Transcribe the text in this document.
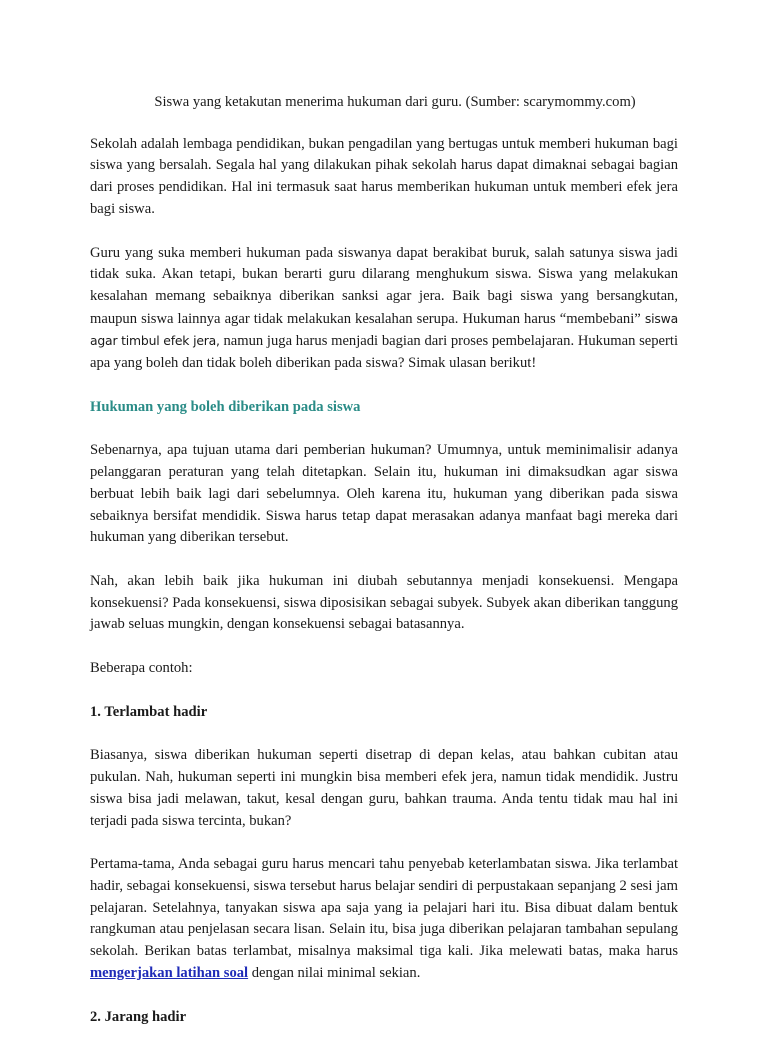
Siswa yang ketakutan menerima hukuman dari guru. (Sumber: scarymommy.com)

Sekolah adalah lembaga pendidikan, bukan pengadilan yang bertugas untuk memberi hukuman bagi siswa yang bersalah. Segala hal yang dilakukan pihak sekolah harus dapat dimaknai sebagai bagian dari proses pendidikan. Hal ini termasuk saat harus memberikan hukuman untuk memberi efek jera bagi siswa.

Guru yang suka memberi hukuman pada siswanya dapat berakibat buruk, salah satunya siswa jadi tidak suka. Akan tetapi, bukan berarti guru dilarang menghukum siswa. Siswa yang melakukan kesalahan memang sebaiknya diberikan sanksi agar jera. Baik bagi siswa yang bersangkutan, maupun siswa lainnya agar tidak melakukan kesalahan serupa. Hukuman harus “membebani” siswa agar timbul efek jera, namun juga harus menjadi bagian dari proses pembelajaran. Hukuman seperti apa yang boleh dan tidak boleh diberikan pada siswa? Simak ulasan berikut!

Hukuman yang boleh diberikan pada siswa

Sebenarnya, apa tujuan utama dari pemberian hukuman? Umumnya, untuk meminimalisir adanya pelanggaran peraturan yang telah ditetapkan. Selain itu, hukuman ini dimaksudkan agar siswa berbuat lebih baik lagi dari sebelumnya. Oleh karena itu, hukuman yang diberikan pada siswa sebaiknya bersifat mendidik. Siswa harus tetap dapat merasakan adanya manfaat bagi mereka dari hukuman yang diberikan tersebut.

Nah, akan lebih baik jika hukuman ini diubah sebutannya menjadi konsekuensi. Mengapa konsekuensi? Pada konsekuensi, siswa diposisikan sebagai subyek. Subyek akan diberikan tanggung jawab seluas mungkin, dengan konsekuensi sebagai batasannya.

Beberapa contoh:

1. Terlambat hadir

Biasanya, siswa diberikan hukuman seperti disetrap di depan kelas, atau bahkan cubitan atau pukulan. Nah, hukuman seperti ini mungkin bisa memberi efek jera, namun tidak mendidik. Justru siswa bisa jadi melawan, takut, kesal dengan guru, bahkan trauma. Anda tentu tidak mau hal ini terjadi pada siswa tercinta, bukan?

Pertama-tama, Anda sebagai guru harus mencari tahu penyebab keterlambatan siswa. Jika terlambat hadir, sebagai konsekuensi, siswa tersebut harus belajar sendiri di perpustakaan sepanjang 2 sesi jam pelajaran. Setelahnya, tanyakan siswa apa saja yang ia pelajari hari itu. Bisa dibuat dalam bentuk rangkuman atau penjelasan secara lisan. Selain itu, bisa juga diberikan pelajaran tambahan sepulang sekolah. Berikan batas terlambat, misalnya maksimal tiga kali. Jika melewati batas, maka harus mengerjakan latihan soal dengan nilai minimal sekian.

2. Jarang hadir
